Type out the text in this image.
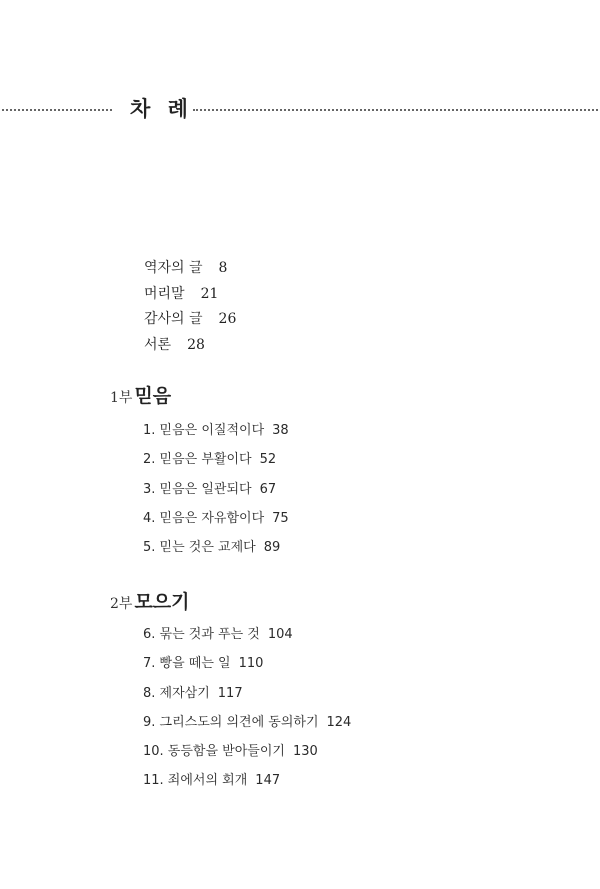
차 례
역자의 글 8
머리말 21
감사의 글 26
서론 28
1부 믿음
1. 믿음은 이질적이다 38
2. 믿음은 부활이다 52
3. 믿음은 일관되다 67
4. 믿음은 자유함이다 75
5. 믿는 것은 교제다 89
2부 모으기
6. 묶는 것과 푸는 것 104
7. 빵을 떼는 일 110
8. 제자삼기 117
9. 그리스도의 의견에 동의하기 124
10. 동등함을 받아들이기 130
11. 죄에서의 회개 147
